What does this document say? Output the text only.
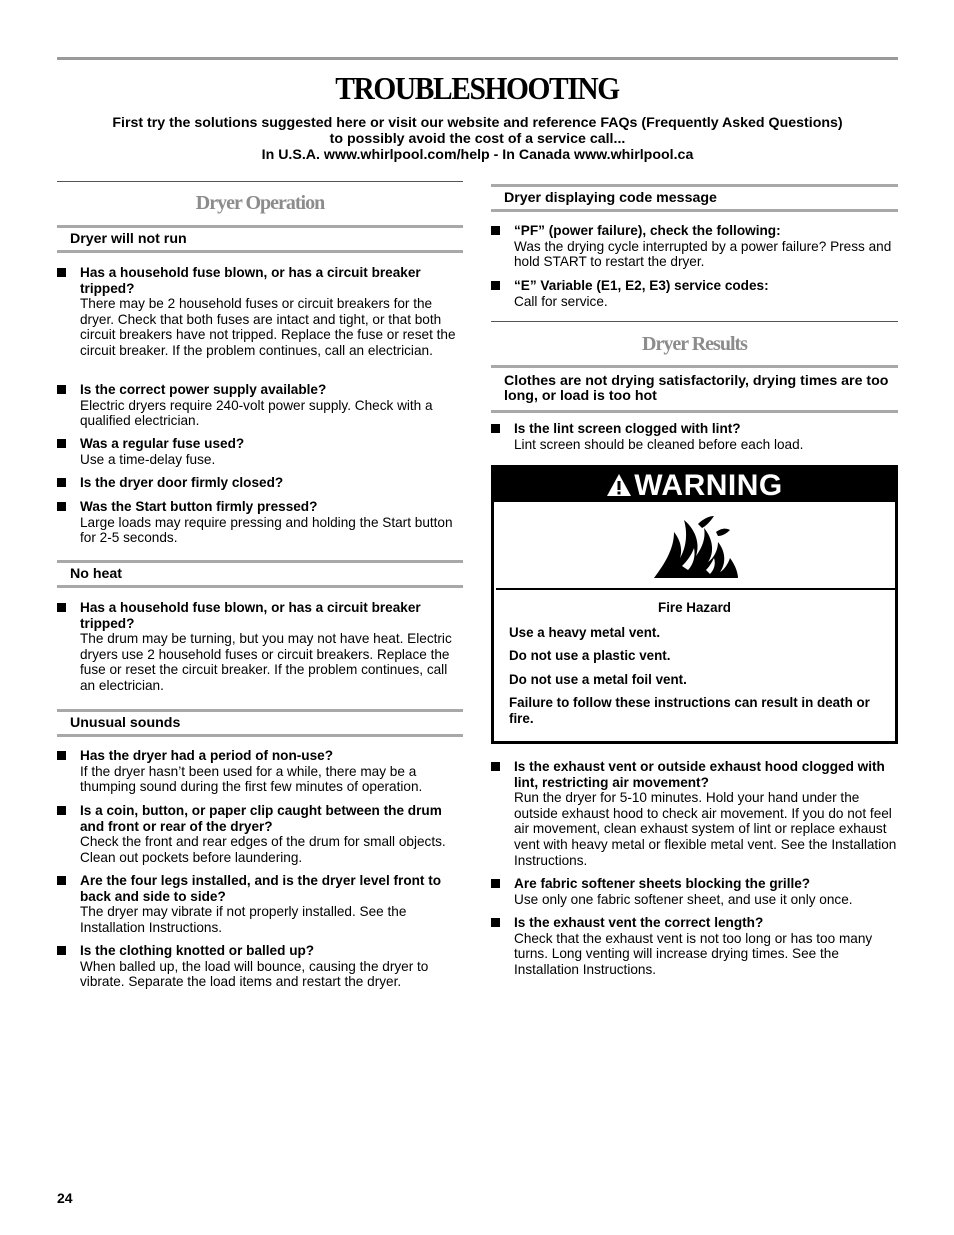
TROUBLESHOOTING
First try the solutions suggested here or visit our website and reference FAQs (Frequently Asked Questions)
to possibly avoid the cost of a service call...
In U.S.A. www.whirlpool.com/help - In Canada www.whirlpool.ca
Dryer Operation
Dryer will not run
Has a household fuse blown, or has a circuit breaker tripped?
There may be 2 household fuses or circuit breakers for the dryer. Check that both fuses are intact and tight, or that both circuit breakers have not tripped. Replace the fuse or reset the circuit breaker. If the problem continues, call an electrician.
Is the correct power supply available?
Electric dryers require 240-volt power supply. Check with a qualified electrician.
Was a regular fuse used?
Use a time-delay fuse.
Is the dryer door firmly closed?
Was the Start button firmly pressed?
Large loads may require pressing and holding the Start button for 2-5 seconds.
No heat
Has a household fuse blown, or has a circuit breaker tripped?
The drum may be turning, but you may not have heat. Electric dryers use 2 household fuses or circuit breakers. Replace the fuse or reset the circuit breaker. If the problem continues, call an electrician.
Unusual sounds
Has the dryer had a period of non-use?
If the dryer hasn’t been used for a while, there may be a thumping sound during the first few minutes of operation.
Is a coin, button, or paper clip caught between the drum and front or rear of the dryer?
Check the front and rear edges of the drum for small objects. Clean out pockets before laundering.
Are the four legs installed, and is the dryer level front to back and side to side?
The dryer may vibrate if not properly installed. See the Installation Instructions.
Is the clothing knotted or balled up?
When balled up, the load will bounce, causing the dryer to vibrate. Separate the load items and restart the dryer.
Dryer displaying code message
“PF” (power failure), check the following:
Was the drying cycle interrupted by a power failure? Press and hold START to restart the dryer.
“E” Variable (E1, E2, E3) service codes:
Call for service.
Dryer Results
Clothes are not drying satisfactorily, drying times are too long, or load is too hot
Is the lint screen clogged with lint?
Lint screen should be cleaned before each load.
Is the exhaust vent or outside exhaust hood clogged with lint, restricting air movement?
Run the dryer for 5-10 minutes. Hold your hand under the outside exhaust hood to check air movement. If you do not feel air movement, clean exhaust system of lint or replace exhaust vent with heavy metal or flexible metal vent. See the Installation Instructions.
Are fabric softener sheets blocking the grille?
Use only one fabric softener sheet, and use it only once.
Is the exhaust vent the correct length?
Check that the exhaust vent is not too long or has too many turns. Long venting will increase drying times. See the Installation Instructions.
WARNING

Fire Hazard

Use a heavy metal vent.

Do not use a plastic vent.

Do not use a metal foil vent.

Failure to follow these instructions can result in death or fire.

24
